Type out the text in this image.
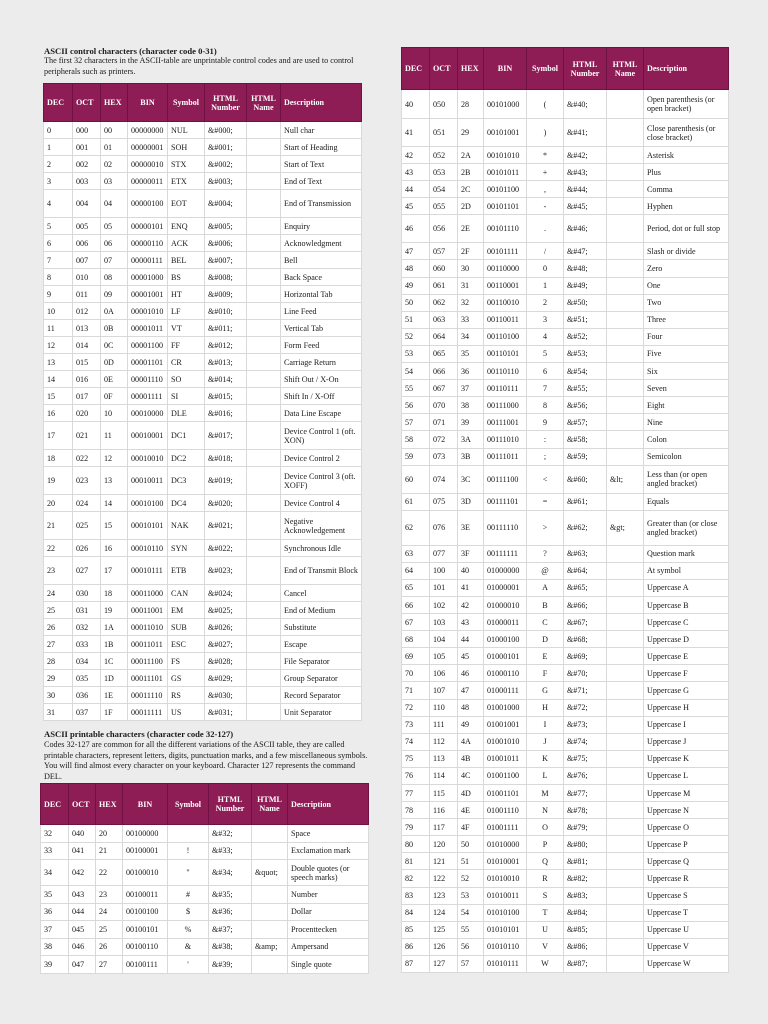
ASCII control characters (character code 0-31)
The first 32 characters in the ASCII-table are unprintable control codes and are used to control peripherals such as printers.
DEC	OCT	HEX	BIN	Symbol	HTML Number	HTML Name	Description
0	000	00	00000000	NUL	&#000;		Null char
1	001	01	00000001	SOH	&#001;		Start of Heading
2	002	02	00000010	STX	&#002;		Start of Text
3	003	03	00000011	ETX	&#003;		End of Text
4	004	04	00000100	EOT	&#004;		End of Transmission
5	005	05	00000101	ENQ	&#005;		Enquiry
6	006	06	00000110	ACK	&#006;		Acknowledgment
7	007	07	00000111	BEL	&#007;		Bell
8	010	08	00001000	BS	&#008;		Back Space
9	011	09	00001001	HT	&#009;		Horizontal Tab
10	012	0A	00001010	LF	&#010;		Line Feed
11	013	0B	00001011	VT	&#011;		Vertical Tab
12	014	0C	00001100	FF	&#012;		Form Feed
13	015	0D	00001101	CR	&#013;		Carriage Return
14	016	0E	00001110	SO	&#014;		Shift Out / X-On
15	017	0F	00001111	SI	&#015;		Shift In / X-Off
16	020	10	00010000	DLE	&#016;		Data Line Escape
17	021	11	00010001	DC1	&#017;		Device Control 1 (oft. XON)
18	022	12	00010010	DC2	&#018;		Device Control 2
19	023	13	00010011	DC3	&#019;		Device Control 3 (oft. XOFF)
20	024	14	00010100	DC4	&#020;		Device Control 4
21	025	15	00010101	NAK	&#021;		Negative Acknowledgement
22	026	16	00010110	SYN	&#022;		Synchronous Idle
23	027	17	00010111	ETB	&#023;		End of Transmit Block
24	030	18	00011000	CAN	&#024;		Cancel
25	031	19	00011001	EM	&#025;		End of Medium
26	032	1A	00011010	SUB	&#026;		Substitute
27	033	1B	00011011	ESC	&#027;		Escape
28	034	1C	00011100	FS	&#028;		File Separator
29	035	1D	00011101	GS	&#029;		Group Separator
30	036	1E	00011110	RS	&#030;		Record Separator
31	037	1F	00011111	US	&#031;		Unit Separator
ASCII printable characters (character code 32-127)
Codes 32-127 are common for all the different variations of the ASCII table, they are called printable characters, represent letters, digits, punctuation marks, and a few miscellaneous symbols. You will find almost every character on your keyboard. Character 127 represents the command DEL.
DEC	OCT	HEX	BIN	Symbol	HTML Number	HTML Name	Description
32	040	20	00100000		&#32;		Space
33	041	21	00100001	!	&#33;		Exclamation mark
34	042	22	00100010	"	&#34;	&quot;	Double quotes (or speech marks)
35	043	23	00100011	#	&#35;		Number
36	044	24	00100100	$	&#36;		Dollar
37	045	25	00100101	%	&#37;		Procenttecken
38	046	26	00100110	&	&#38;	&amp;	Ampersand
39	047	27	00100111	'	&#39;		Single quote
DEC	OCT	HEX	BIN	Symbol	HTML Number	HTML Name	Description
40	050	28	00101000	(	&#40;		Open parenthesis (or open bracket)
41	051	29	00101001	)	&#41;		Close parenthesis (or close bracket)
42	052	2A	00101010	*	&#42;		Asterisk
43	053	2B	00101011	+	&#43;		Plus
44	054	2C	00101100	,	&#44;		Comma
45	055	2D	00101101	-	&#45;		Hyphen
46	056	2E	00101110	.	&#46;		Period, dot or full stop
47	057	2F	00101111	/	&#47;		Slash or divide
48	060	30	00110000	0	&#48;		Zero
49	061	31	00110001	1	&#49;		One
50	062	32	00110010	2	&#50;		Two
51	063	33	00110011	3	&#51;		Three
52	064	34	00110100	4	&#52;		Four
53	065	35	00110101	5	&#53;		Five
54	066	36	00110110	6	&#54;		Six
55	067	37	00110111	7	&#55;		Seven
56	070	38	00111000	8	&#56;		Eight
57	071	39	00111001	9	&#57;		Nine
58	072	3A	00111010	:	&#58;		Colon
59	073	3B	00111011	;	&#59;		Semicolon
60	074	3C	00111100	<	&#60;	&lt;	Less than (or open angled bracket)
61	075	3D	00111101	=	&#61;		Equals
62	076	3E	00111110	>	&#62;	&gt;	Greater than (or close angled bracket)
63	077	3F	00111111	?	&#63;		Question mark
64	100	40	01000000	@	&#64;		At symbol
65	101	41	01000001	A	&#65;		Uppercase A
66	102	42	01000010	B	&#66;		Uppercase B
67	103	43	01000011	C	&#67;		Uppercase C
68	104	44	01000100	D	&#68;		Uppercase D
69	105	45	01000101	E	&#69;		Uppercase E
70	106	46	01000110	F	&#70;		Uppercase F
71	107	47	01000111	G	&#71;		Uppercase G
72	110	48	01001000	H	&#72;		Uppercase H
73	111	49	01001001	I	&#73;		Uppercase I
74	112	4A	01001010	J	&#74;		Uppercase J
75	113	4B	01001011	K	&#75;		Uppercase K
76	114	4C	01001100	L	&#76;		Uppercase L
77	115	4D	01001101	M	&#77;		Uppercase M
78	116	4E	01001110	N	&#78;		Uppercase N
79	117	4F	01001111	O	&#79;		Uppercase O
80	120	50	01010000	P	&#80;		Uppercase P
81	121	51	01010001	Q	&#81;		Uppercase Q
82	122	52	01010010	R	&#82;		Uppercase R
83	123	53	01010011	S	&#83;		Uppercase S
84	124	54	01010100	T	&#84;		Uppercase T
85	125	55	01010101	U	&#85;		Uppercase U
86	126	56	01010110	V	&#86;		Uppercase V
87	127	57	01010111	W	&#87;		Uppercase W
